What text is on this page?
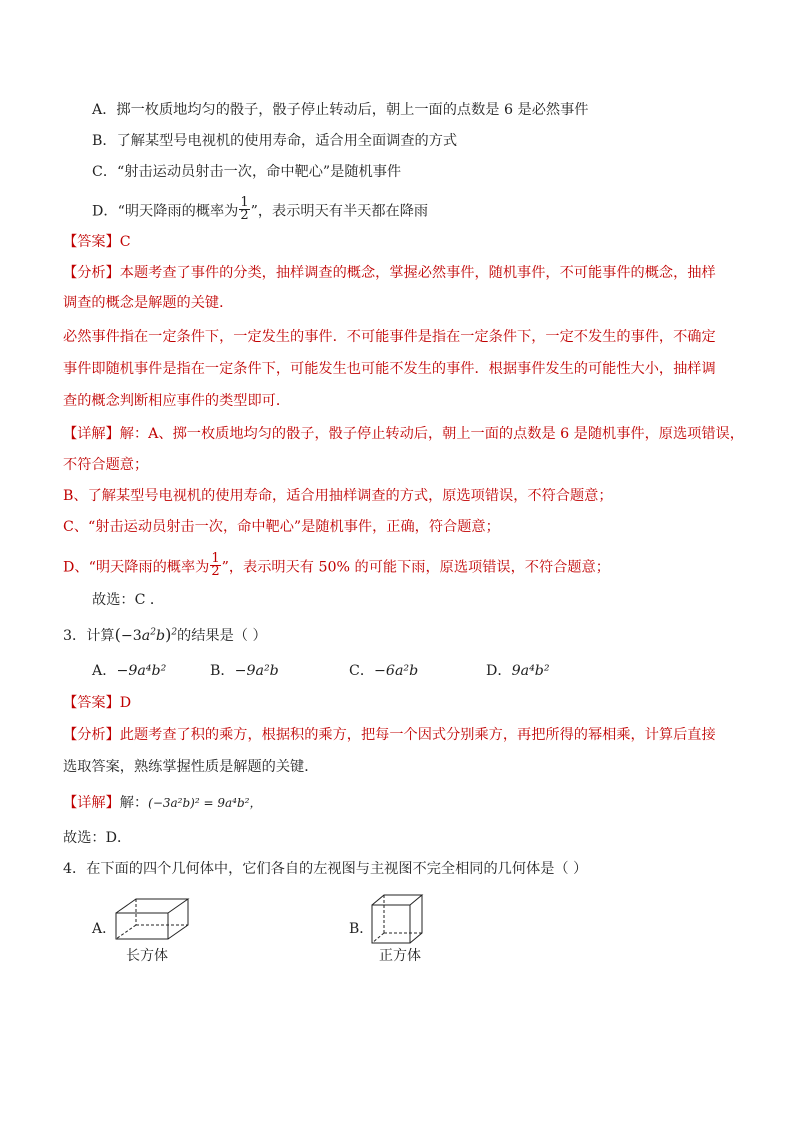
A．掷一枚质地均匀的骰子，骰子停止转动后，朝上一面的点数是 6 是必然事件
B．了解某型号电视机的使用寿命，适合用全面调查的方式
C．“射击运动员射击一次，命中靶心”是随机事件
D．“明天降雨的概率为 $\frac{1}{2}$ ”，表示明天有半天都在降雨
【答案】C
【分析】本题考查了事件的分类，抽样调查的概念，掌握必然事件，随机事件，不可能事件的概念，抽样
调查的概念是解题的关键．
必然事件指在一定条件下，一定发生的事件．不可能事件是指在一定条件下，一定不发生的事件，不确定
事件即随机事件是指在一定条件下，可能发生也可能不发生的事件．根据事件发生的可能性大小，抽样调
查的概念判断相应事件的类型即可．
【详解】解：A、掷一枚质地均匀的骰子，骰子停止转动后，朝上一面的点数是 6 是随机事件，原选项错误，
不符合题意；
B、了解某型号电视机的使用寿命，适合用抽样调查的方式，原选项错误，不符合题意；
C、“射击运动员射击一次，命中靶心”是随机事件，正确，符合题意；
D、“明天降雨的概率为 $\frac{1}{2}$ ”，表示明天有 50% 的可能下雨，原选项错误，不符合题意；
故选：C ．
3．计算$(-3a^2b)^2$的结果是（ ）
A．−9a⁴b²	B．−9a²b	C．−6a²b	D．9a⁴b²
【答案】D
【分析】此题考查了积的乘方，根据积的乘方，把每一个因式分别乘方，再把所得的幂相乘，计算后直接
选取答案，熟练掌握性质是解题的关键．
【详解】解：(−3a²b)² = 9a⁴b²，
故选：D．
4．在下面的四个几何体中，它们各自的左视图与主视图不完全相同的几何体是（ ）
A．
长方体
B．
正方体
